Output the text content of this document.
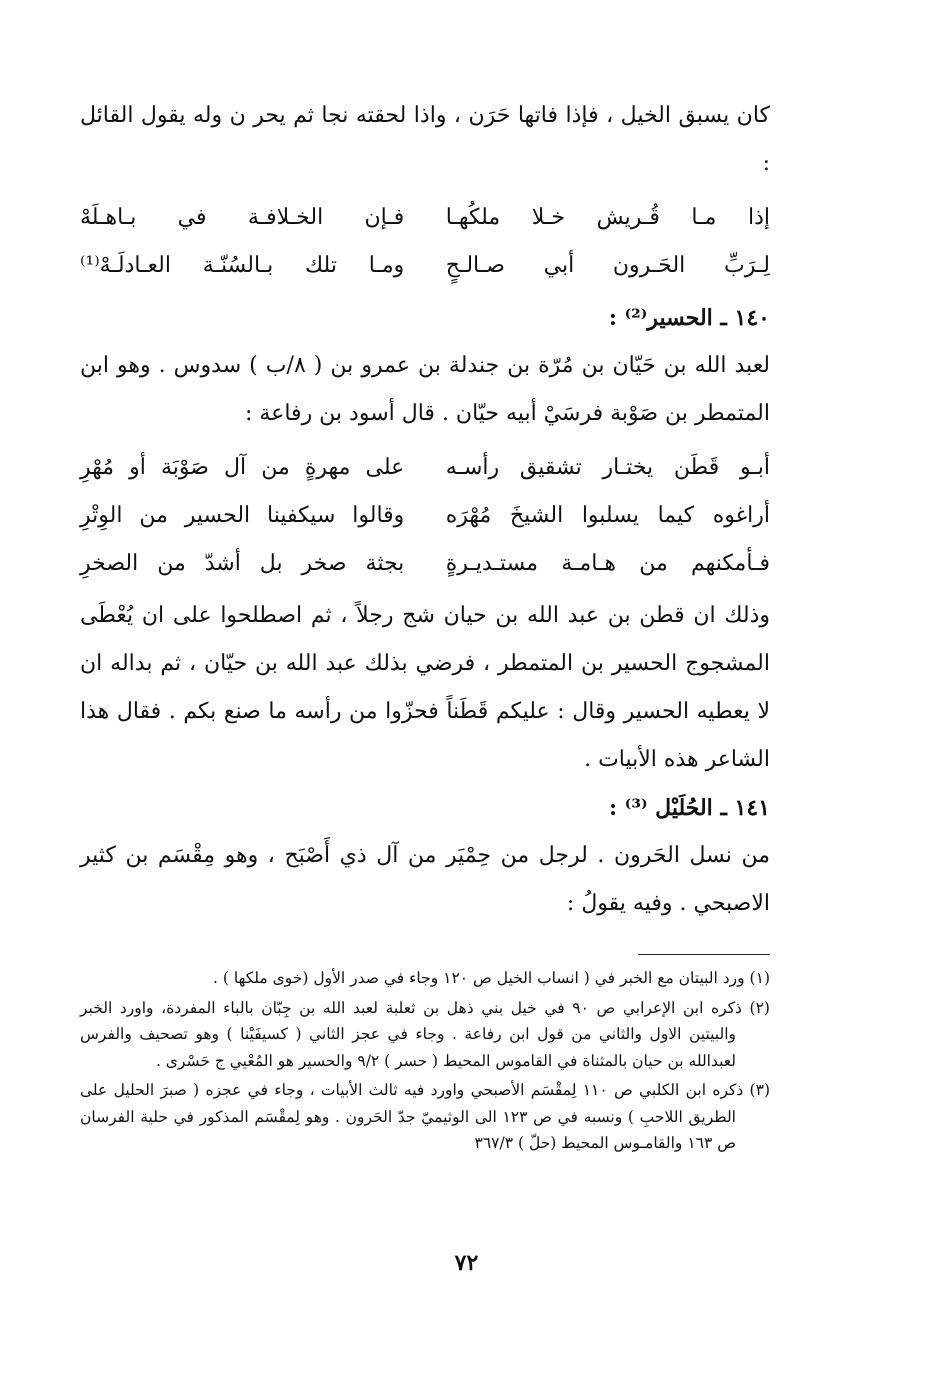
كان يسبق الخيل ، فإذا فاتها حَرَن ، واذا لحقته نجا ثم يحر ن وله يقول القائل :

إذا مـا قُـريش خـلا ملكُهـا
فـإن الخـلافـة في بـاهـلَهْ
لِـرَبِّ الحَـرون أبي صـالـحٍ
ومـا تلك بـالسُنّـة العـادلَـهْ⁽¹⁾

١٤٠ ـ الحسير⁽²⁾ :

لعبد الله بن حَيّان بن مُرّة بن جندلة بن عمرو بن ( ٨/ب ) سدوس . وهو ابن المتمطر بن صَوْبة فرسَيْ أبيه حيّان . قال أسود بن رفاعة :

أبـو قَطَن يختـار تشقيق رأسـه
على مهرةٍ من آل صَوْبَة أو مُهْرِ
أراغوه كيما يسلبوا الشيخَ مُهْرَه
وقالوا سيكفينا الحسير من الوِتْرِ
فـأمكنهم من هـامـة مستـديـرةٍ
بجثة صخر بل أشدّ من الصخرِ

وذلك ان قطن بن عبد الله بن حيان شج رجلاً ، ثم اصطلحوا على ان يُعْطَى المشجوج الحسير بن المتمطر ، فرضي بذلك عبد الله بن حيّان ، ثم بداله ان لا يعطيه الحسير وقال : عليكم قَطَناً فحزّوا من رأسه ما صنع بكم . فقال هذا الشاعر هذه الأبيات .

١٤١ ـ الحُلَيْل ⁽³⁾ :

من نسل الحَرون . لرجل من حِمْيَر من آل ذي أَصْبَح ، وهو مِقْسَم بن كثير الاصبحي . وفيه يقولُ :

(١) ورد البيتان مع الخبر في ( انساب الخيل ص ١٢٠ وجاء في صدر الأول (خوى ملكها ) .

(٢) ذكره ابن الإعرابي ص ٩٠ في خيل بني ذهل بن ثعلبة لعبد الله بن جِبّان بالباء المفردة، واورد الخبر والبيتين الاول والثاني من قول ابن رفاعة . وجاء في عجز الثاني ( كسيفَيْنا ) وهو تصحيف والفرس لعبدالله بن حيان بالمثناة في القاموس المحيط ( حسر ) ٩/٢ والحسير هو المُعْيي ج حَسْرى .

(٣) ذكره ابن الكلبي ص ١١٠ لِمقْسَم الأصبحي واورد فيه ثالث الأبيات ، وجاء في عجزه ( صبرَ الحليل على الطريق اللاحبِ ) ونسبه في ص ١٢٣ الى الوثيميّ جدّ الحَرون . وهو لِمقْسَم المذكور في حلية الفرسان ص ١٦٣ والقامـوس المحيط (حلّ ) ٣٦٧/٣

٧٢
